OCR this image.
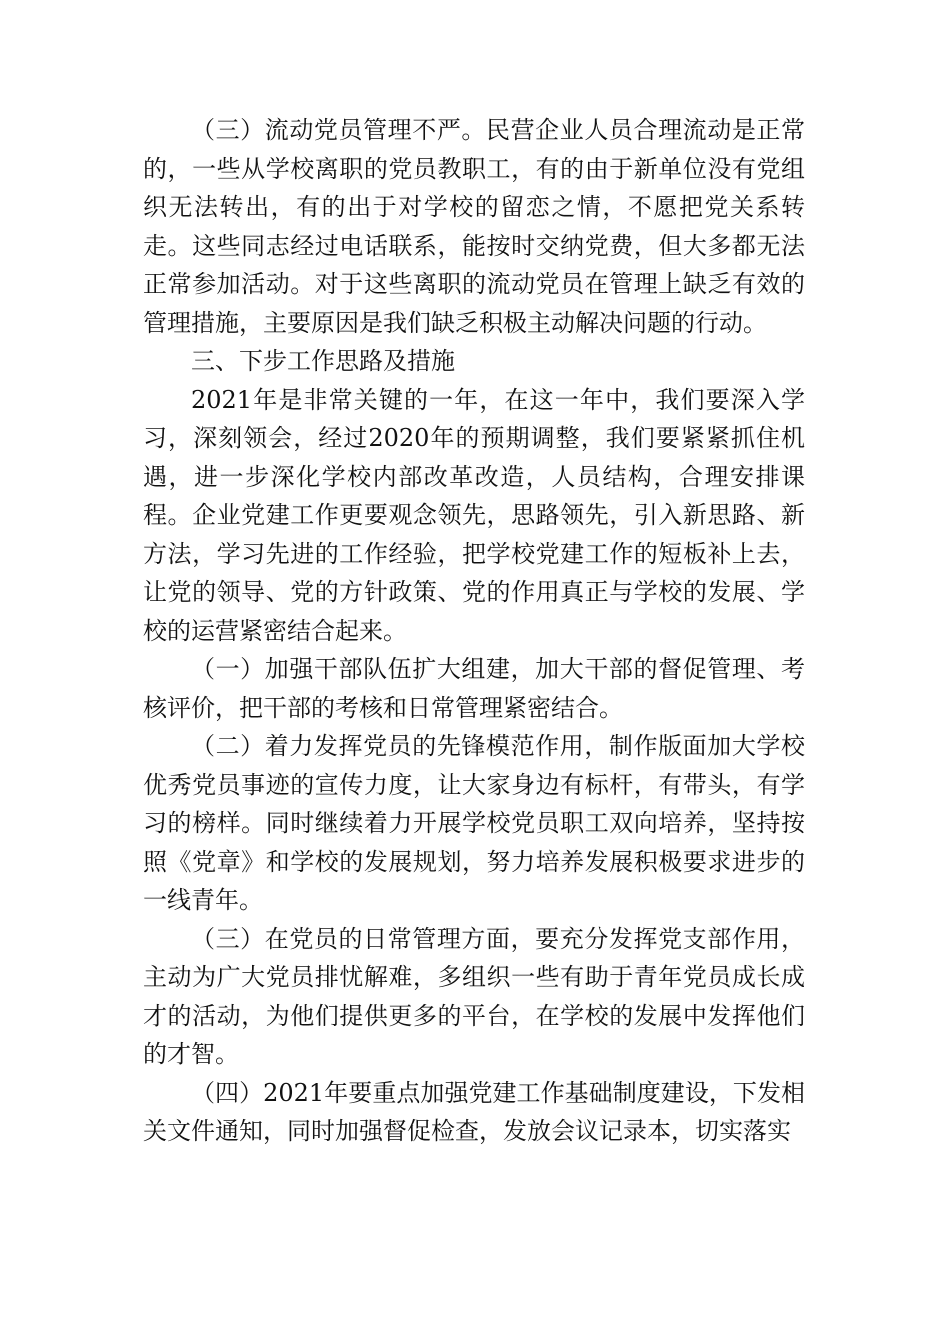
（三）流动党员管理不严。民营企业人员合理流动是正常的，一些从学校离职的党员教职工，有的由于新单位没有党组织无法转出，有的出于对学校的留恋之情，不愿把党关系转走。这些同志经过电话联系，能按时交纳党费，但大多都无法正常参加活动。对于这些离职的流动党员在管理上缺乏有效的管理措施，主要原因是我们缺乏积极主动解决问题的行动。

三、下步工作思路及措施

2021年是非常关键的一年，在这一年中，我们要深入学习，深刻领会，经过2020年的预期调整，我们要紧紧抓住机遇，进一步深化学校内部改革改造，人员结构，合理安排课程。企业党建工作更要观念领先，思路领先，引入新思路、新方法，学习先进的工作经验，把学校党建工作的短板补上去，让党的领导、党的方针政策、党的作用真正与学校的发展、学校的运营紧密结合起来。

（一）加强干部队伍扩大组建，加大干部的督促管理、考核评价，把干部的考核和日常管理紧密结合。

（二）着力发挥党员的先锋模范作用，制作版面加大学校优秀党员事迹的宣传力度，让大家身边有标杆，有带头，有学习的榜样。同时继续着力开展学校党员职工双向培养，坚持按照《党章》和学校的发展规划，努力培养发展积极要求进步的一线青年。

（三）在党员的日常管理方面，要充分发挥党支部作用，主动为广大党员排忧解难，多组织一些有助于青年党员成长成才的活动，为他们提供更多的平台，在学校的发展中发挥他们的才智。

（四）2021年要重点加强党建工作基础制度建设，下发相关文件通知，同时加强督促检查，发放会议记录本，切实落实
